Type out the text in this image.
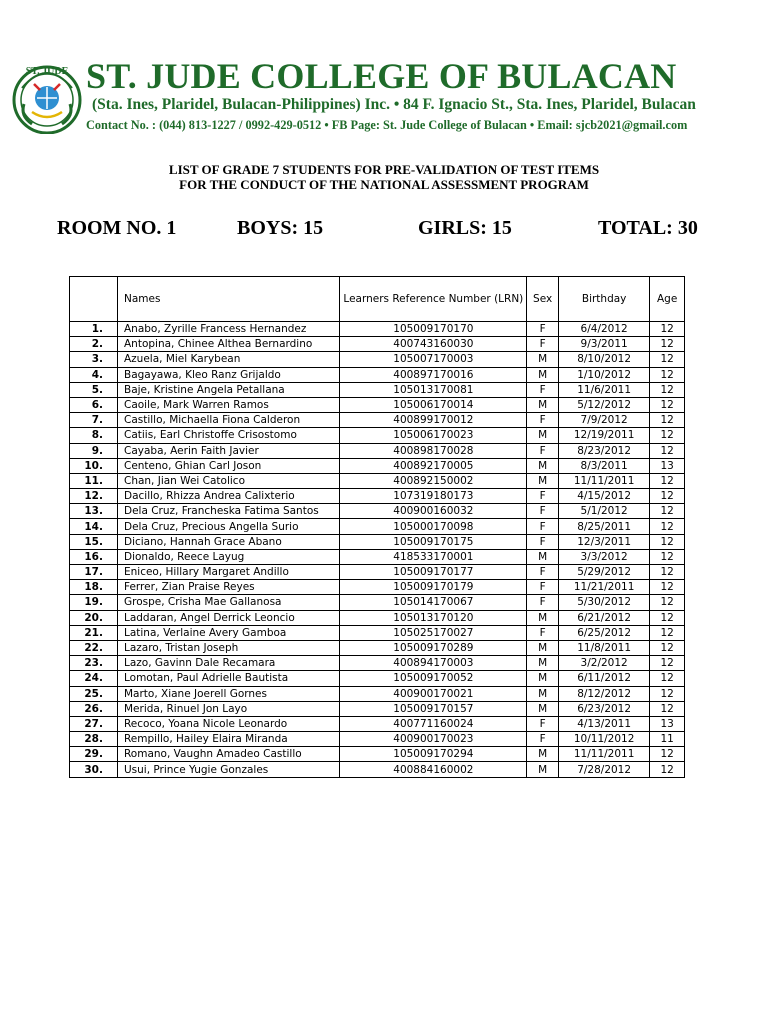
ST. JUDE ST. JUDE COLLEGE OF BULACAN
(Sta. Ines, Plaridel, Bulacan-Philippines) Inc. • 84 F. Ignacio St., Sta. Ines, Plaridel, Bulacan
Contact No. : (044) 813-1227 / 0992-429-0512 • FB Page: St. Jude College of Bulacan • Email: sjcb2021@gmail.com
LIST OF GRADE 7 STUDENTS FOR PRE-VALIDATION OF TEST ITEMS
FOR THE CONDUCT OF THE NATIONAL ASSESSMENT PROGRAM
ROOM NO. 1	BOYS: 15	GIRLS: 15	TOTAL: 30
	Names	Learners Reference Number (LRN)	Sex	Birthday	Age
1.	Anabo, Zyrille Francess Hernandez	105009170170	F	6/4/2012	12
2.	Antopina, Chinee Althea Bernardino	400743160030	F	9/3/2011	12
3.	Azuela, Miel Karybean	105007170003	M	8/10/2012	12
4.	Bagayawa, Kleo Ranz Grijaldo	400897170016	M	1/10/2012	12
5.	Baje, Kristine Angela Petallana	105013170081	F	11/6/2011	12
6.	Caoile, Mark Warren Ramos	105006170014	M	5/12/2012	12
7.	Castillo, Michaella Fiona Calderon	400899170012	F	7/9/2012	12
8.	Catiis, Earl Christoffe Crisostomo	105006170023	M	12/19/2011	12
9.	Cayaba, Aerin Faith Javier	400898170028	F	8/23/2012	12
10.	Centeno, Ghian Carl Joson	400892170005	M	8/3/2011	13
11.	Chan, Jian Wei Catolico	400892150002	M	11/11/2011	12
12.	Dacillo, Rhizza Andrea Calixterio	107319180173	F	4/15/2012	12
13.	Dela Cruz, Francheska Fatima Santos	400900160032	F	5/1/2012	12
14.	Dela Cruz, Precious Angella Surio	105000170098	F	8/25/2011	12
15.	Diciano, Hannah Grace Abano	105009170175	F	12/3/2011	12
16.	Dionaldo, Reece Layug	418533170001	M	3/3/2012	12
17.	Eniceo, Hillary Margaret Andillo	105009170177	F	5/29/2012	12
18.	Ferrer, Zian Praise Reyes	105009170179	F	11/21/2011	12
19.	Grospe, Crisha Mae Gallanosa	105014170067	F	5/30/2012	12
20.	Laddaran, Angel Derrick Leoncio	105013170120	M	6/21/2012	12
21.	Latina, Verlaine Avery Gamboa	105025170027	F	6/25/2012	12
22.	Lazaro, Tristan Joseph	105009170289	M	11/8/2011	12
23.	Lazo, Gavinn Dale Recamara	400894170003	M	3/2/2012	12
24.	Lomotan, Paul Adrielle Bautista	105009170052	M	6/11/2012	12
25.	Marto, Xiane Joerell Gornes	400900170021	M	8/12/2012	12
26.	Merida, Rinuel Jon Layo	105009170157	M	6/23/2012	12
27.	Recoco, Yoana Nicole Leonardo	400771160024	F	4/13/2011	13
28.	Rempillo, Hailey Elaira Miranda	400900170023	F	10/11/2012	11
29.	Romano, Vaughn Amadeo Castillo	105009170294	M	11/11/2011	12
30.	Usui, Prince Yugie Gonzales	400884160002	M	7/28/2012	12
